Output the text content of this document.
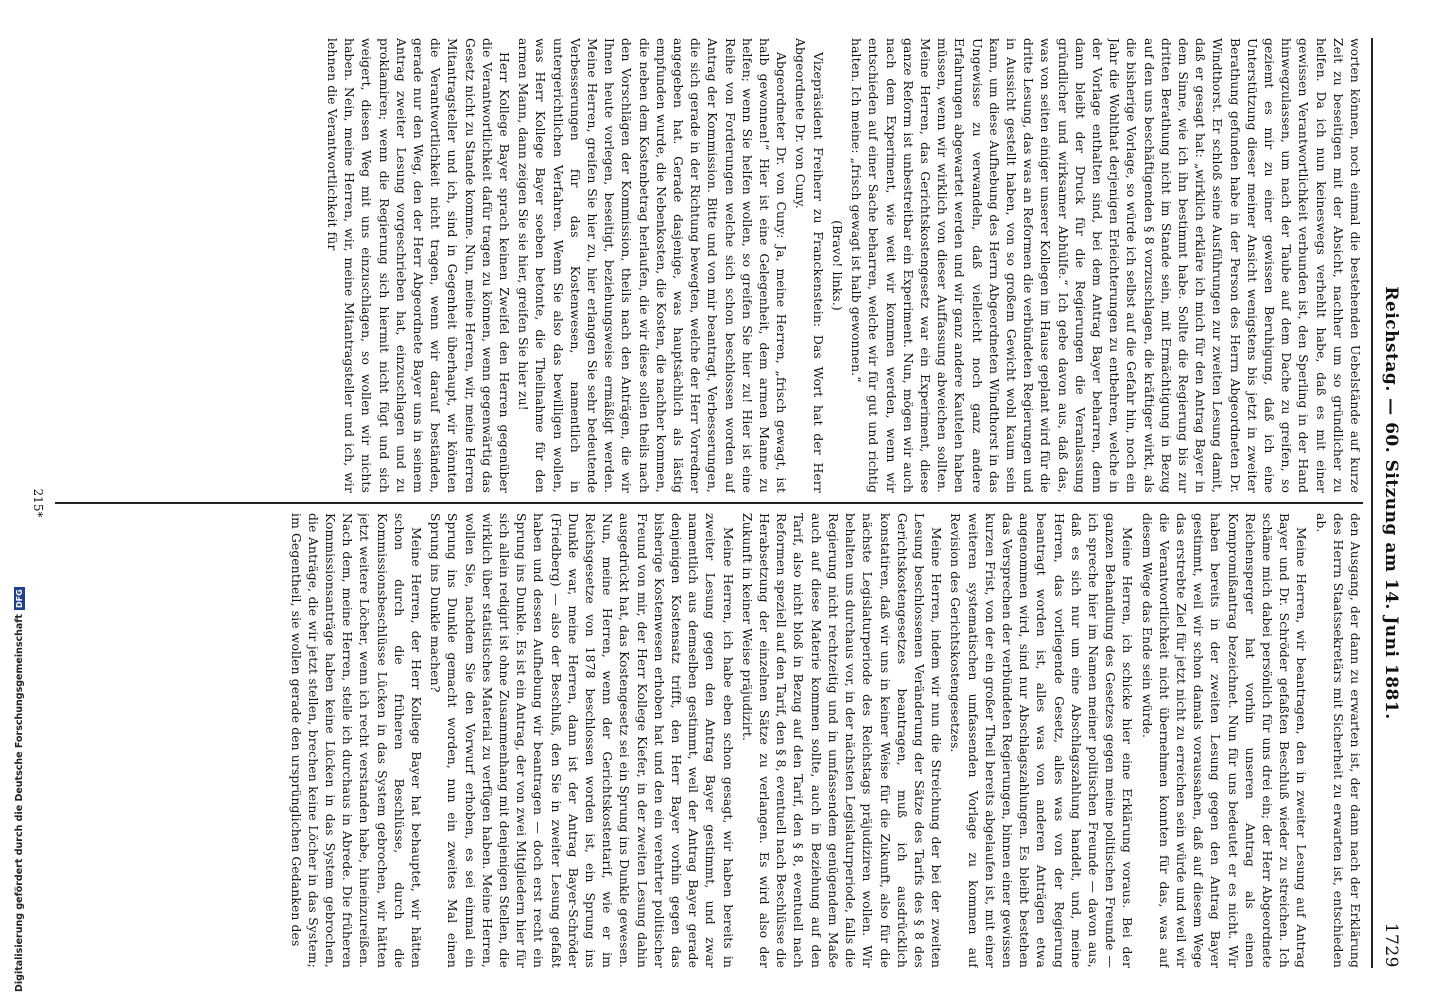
Reichstag. — 60. Sitzung am 14. Juni 1881.
1729

worten können, noch einmal die bestehenden Uebelstände auf kurze Zeit zu beseitigen mit der Absicht, nachher um so gründlicher zu helfen. Da ich nun keineswegs verhehlt habe, daß es mit einer gewissen Verantwortlichkeit verbunden ist, den Sperling in der Hand hinwegzulassen, um nach der Taube auf dem Dache zu greifen, so geziemt es mir zu einer gewissen Beruhigung, daß ich eine Unterstützung dieser meiner Ansicht wenigstens bis jetzt in zweiter Berathung gefunden habe in der Person des Herrn Abgeordneten Dr. Windthorst. Er schloß seine Ausführungen zur zweiten Lesung damit, daß er gesagt hat: „wirklich erkläre ich mich für den Antrag Bayer in dem Sinne, wie ich ihn bestimmt habe. Sollte die Regierung bis zur dritten Berathung nicht im Stande sein, mit Ermächtigung in Bezug auf den uns beschäftigenden § 8 vorzuschlagen, die kräftiger wirkt, als die bisherige Vorlage, so würde ich selbst auf die Gefahr hin, noch ein Jahr die Wohlthat derjenigen Erleichterungen zu entbehren, welche in der Vorlage enthalten sind, bei dem Antrag Bayer beharren, denn dann bleibt der Druck für die Regierungen die Veranlassung gründlicher und wirksamer Abhülfe.“ Ich gebe davon aus, daß das, was von seiten einiger unserer Kollegen im Hause geplant wird für die dritte Lesung, das was an Reformen die verbündeten Regierungen und in Aussicht gestellt haben, von so großem Gewicht wohl kaum sein kann, um diese Aufhebung des Herrn Abgeordneten Windthorst in das Ungewisse zu verwandeln, daß vielleicht noch ganz andere Erfahrungen abgewartet werden und wir ganz andere Kautelen haben müssen, wenn wir wirklich von dieser Auffassung abweichen sollten. Meine Herren, das Gerichtskostengesetz war ein Experiment, diese ganze Reform ist unbestreitbar ein Experiment. Nun, mögen wir auch nach dem Experiment, wie weit wir kommen werden, wenn wir entschieden auf einer Sache beharren, welche wir für gut und richtig halten. Ich meine: „frisch gewagt ist halb gewonnen.“

(Bravo! links.)

Vizepräsident Freiherr zu Franckenstein: Das Wort hat der Herr Abgeordnete Dr. von Cuny.

Abgeordneter Dr. von Cuny: Ja, meine Herren, „frisch gewagt, ist halb gewonnen!“ Hier ist eine Gelegenheit, dem armen Manne zu helfen; wenn Sie helfen wollen, so greifen Sie hier zu! Hier ist eine Reihe von Forderungen welche sich schon beschlossen worden auf Antrag der Kommission. Bitte und von mir beantragt, Verbesserungen, die sich gerade in der Richtung bewegten, welche der Herr Vorredner angegeben hat. Gerade dasjenige, was hauptsächlich als lästig empfunden wurde, die Nebenkosten, die Kosten, die nachher kommen, die neben dem Kostenbetrag herlaufen, die wir diese sollen theils nach den Vorschlägen der Kommission, theils nach den Anträgen, die wir Ihnen heute vorlegen, beseitigt, beziehungsweise ermäßigt werden. Meine Herren, greifen Sie hier zu, hier erlangen Sie sehr bedeutende Verbesserungen für das Kostenwesen, namentlich in untergerichtlichen Verfahren. Wenn Sie also das bewilligen wollen, was Herr Kollege Bayer soeben betonte, die Theilnahme für den armen Mann, dann zeigen Sie sie hier, greifen Sie hier zu!

Herr Kollege Bayer sprach keinen Zweifel den Herren gegenüber die Verantwortlichkeit dafür tragen zu können, wenn gegenwärtig das Gesetz nicht zu Stande komme. Nun, meine Herren, wir, meine Herren Mitantragsteller und ich, sind in Gegenheit überhaupt, wir könnten die Verantwortlichkeit nicht tragen, wenn wir darauf beständen, gerade nur den Weg, den der Herr Abgeordnete Bayer uns in seinem Antrag zweiter Lesung vorgeschrieben hat, einzuschlagen und zu proklamiren; wenn die Regierung sich hiermit nicht fügt und sich weigert, diesen Weg mit uns einzuschlagen, so wollen wir nichts haben. Nein, meine Herren, wir, meine Mitantragsteller und ich, wir lehnen die Verantwortlichkeit für

den Ausgang, der dann zu erwarten ist, der dann nach der Erklärung des Herrn Staatssekretärs mit Sicherheit zu erwarten ist, entschieden ab.

Meine Herren, wir beantragen, den in zweiter Lesung auf Antrag Bayer und Dr. Schröder gefaßten Beschluß wieder zu streichen. Ich schäme mich dabei persönlich für uns drei ein; der Herr Abgeordnete Reichensperger hat vorhin unseren Antrag als einen Kompromißantrag bezeichnet. Nun für uns bedeutet er es nicht. Wir haben bereits in der zweiten Lesung gegen den Antrag Bayer gestimmt, weil wir schon damals voraussahen, daß auf diesem Wege das erstrebte Ziel für jetzt nicht zu erreichen sein würde und weil wir die Verantwortlichkeit nicht übernehmen konnten für das, was auf diesem Wege das Ende sein würde.

Meine Herren, ich schicke hier eine Erklärung voraus. Bei der ganzen Behandlung des Gesetzes gegen meine politischen Freunde — ich spreche hier im Namen meiner politischen Freunde — davon aus, daß es sich nur um eine Abschlagszahlung handelt, und, meine Herren, das vorliegende Gesetz, alles was von der Regierung beantragt worden ist, alles was von anderen Anträgen etwa angenommen wird, sind nur Abschlagszahlungen. Es bleibt bestehen das Versprechen der verbündeten Regierungen, binnen einer gewissen kurzen Frist, von der ein großer Theil bereits abgelaufen ist, mit einer weiteren systematischen umfassenden Vorlage zu kommen auf Revision des Gerichtskostengesetzes.

Meine Herren, indem wir nun die Streichung der bei der zweiten Lesung beschlossenen Veränderung der Sätze des Tarifs des § 8 des Gerichtskostengesetzes beantragen, muß ich ausdrücklich konstatiren, daß wir uns in keiner Weise für die Zukunft, also für die nächste Legislaturperiode des Reichstags präjudiziren wollen. Wir behalten uns durchaus vor, in der nächsten Legislaturperiode, falls die Regierung nicht rechtzeitig und in umfassendem genügendem Maße auch auf diese Materie kommen sollte, auch in Beziehung auf den Tarif, also nicht bloß in Bezug auf den Tarif, den § 8, eventuell nach Reformen speziell auf den Tarif, den § 8, eventuell nach Beschlüsse die Herabsetzung der einzelnen Sätze zu verlangen. Es wird also der Zukunft in keiner Weise präjudizirt.

Meine Herren, ich habe eben schon gesagt, wir haben bereits in zweiter Lesung gegen den Antrag Bayer gestimmt, und zwar namentlich aus demselben gestimmt, weil der Antrag Bayer gerade denjenigen Kostensatz trifft, den Herr Bayer vorhin gegen das bisherige Kostenwesen erhoben hat und den ein verehrter politischer Freund von mir, der Herr Kollege Kiefer, in der zweiten Lesung dahin ausgedrückt hat, das Kostengesetz sei ein Sprung ins Dunkle gewesen. Nun, meine Herren, wenn der Gerichtskostentarif, wie er im Reichsgesetze von 1878 beschlossen worden ist, ein Sprung ins Dunkle war, meine Herren, dann ist der Antrag Bayer-Schröder (Friedberg) — also der Beschluß, den Sie in zweiter Lesung gefaßt haben und dessen Aufhebung wir beantragen — doch erst recht ein Sprung ins Dunkle. Es ist ein Antrag, der von zwei Mitgliedern hier für sich allein redigirt ist ohne Zusammenhang mit denjenigen Stellen, die wirklich über statistisches Material zu verfügen haben. Meine Herren, wollen Sie, nachdem Sie den Vorwurf erhoben, es sei einmal ein Sprung ins Dunkle gemacht worden, nun ein zweites Mal einen Sprung ins Dunkle machen?

Meine Herren, der Herr Kollege Bayer hat behauptet, wir hätten schon durch die früheren Beschlüsse, durch die Kommissionsbeschlüsse Lücken in das System gebrochen, wir hätten jetzt weitere Löcher, wenn ich recht verstanden habe, hineinzureißen. Nach dem, meine Herren, stelle ich durchaus in Abrede. Die früheren Kommissionsanträge haben keine Lücken in das System gebrochen, die Anträge, die wir jetzt stellen, brechen keine Löcher in das System; im Gegentheil, sie wollen gerade den ursprünglichen Gedanken des

215*
Digitalisierung gefördert durch die Deutsche ForschungsgemeinschaftDFG
